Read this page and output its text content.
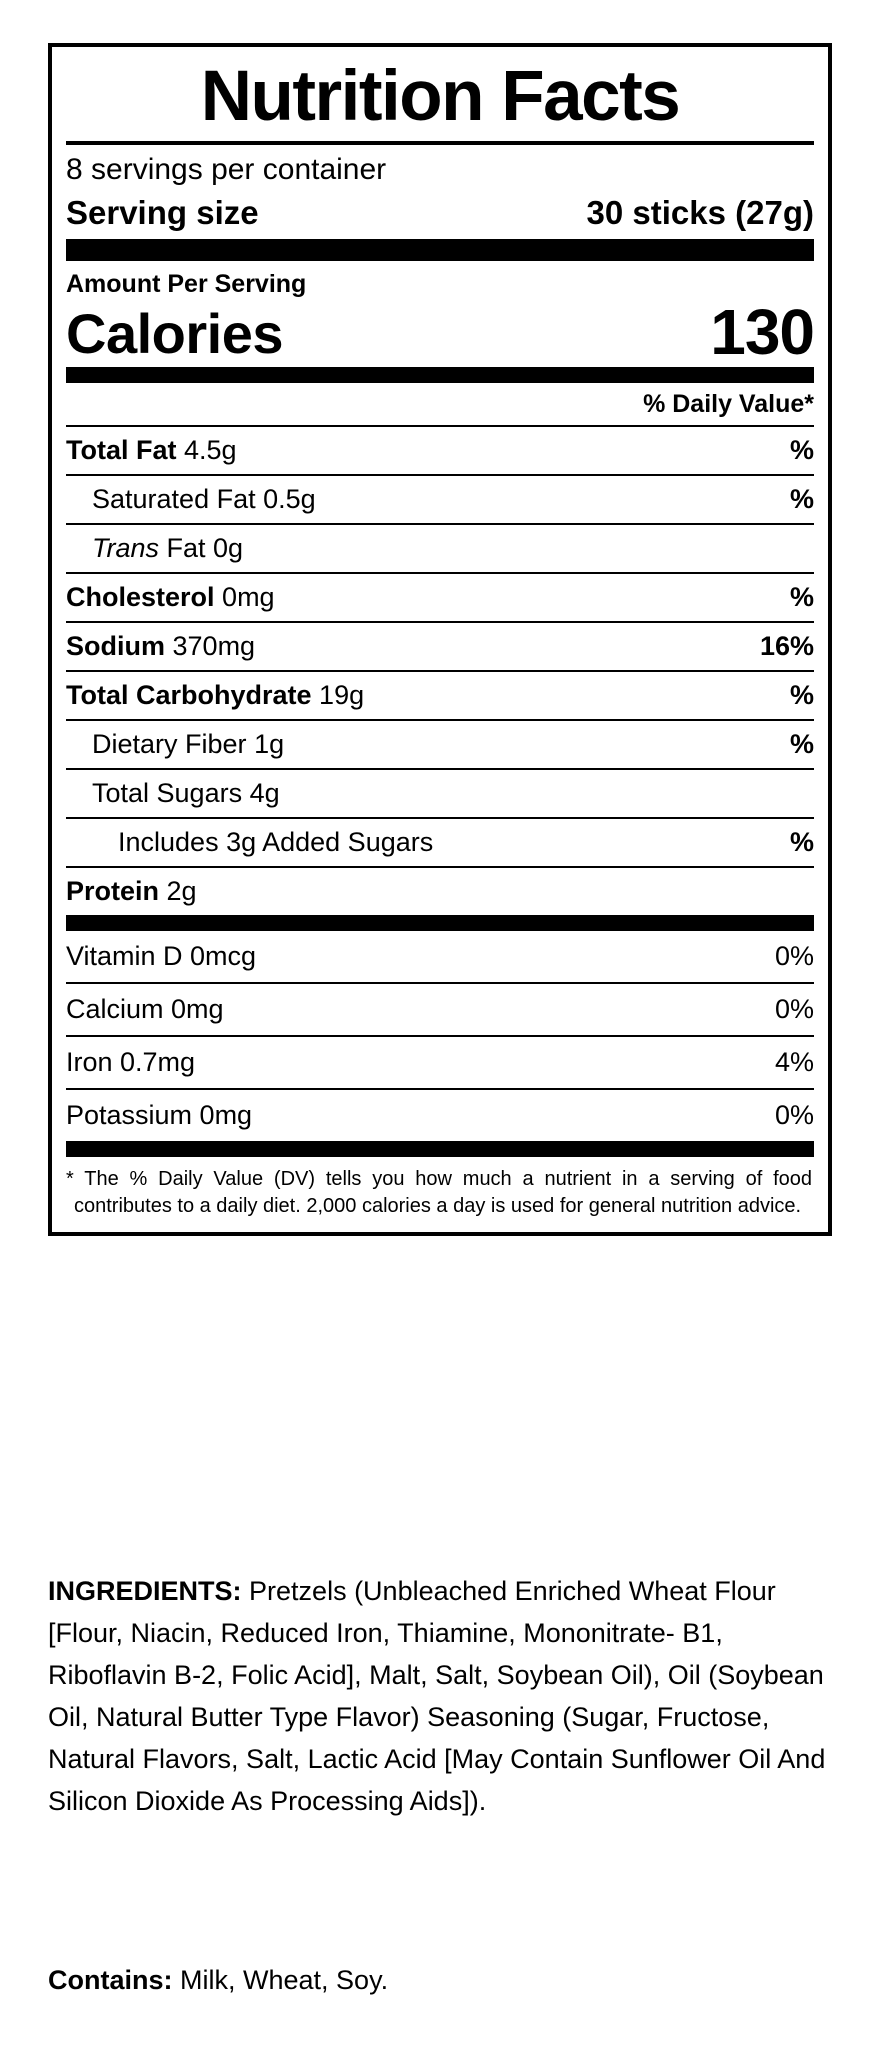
Nutrition Facts
8 servings per container
Serving size	30 sticks (27g)
Amount Per Serving
Calories	130
% Daily Value*
Total Fat 4.5g	%
Saturated Fat 0.5g	%
Trans Fat 0g
Cholesterol 0mg	%
Sodium 370mg	16%
Total Carbohydrate 19g	%
Dietary Fiber 1g	%
Total Sugars 4g
Includes 3g Added Sugars	%
Protein 2g
Vitamin D 0mcg	0%
Calcium 0mg	0%
Iron 0.7mg	4%
Potassium 0mg	0%
* The % Daily Value (DV) tells you how much a nutrient in a serving of food contributes to a daily diet. 2,000 calories a day is used for general nutrition advice.
INGREDIENTS: Pretzels (Unbleached Enriched Wheat Flour [Flour, Niacin, Reduced Iron, Thiamine, Mononitrate- B1, Riboflavin B-2, Folic Acid], Malt, Salt, Soybean Oil), Oil (Soybean Oil, Natural Butter Type Flavor) Seasoning (Sugar, Fructose, Natural Flavors, Salt, Lactic Acid [May Contain Sunflower Oil And Silicon Dioxide As Processing Aids]).
Contains: Milk, Wheat, Soy.
